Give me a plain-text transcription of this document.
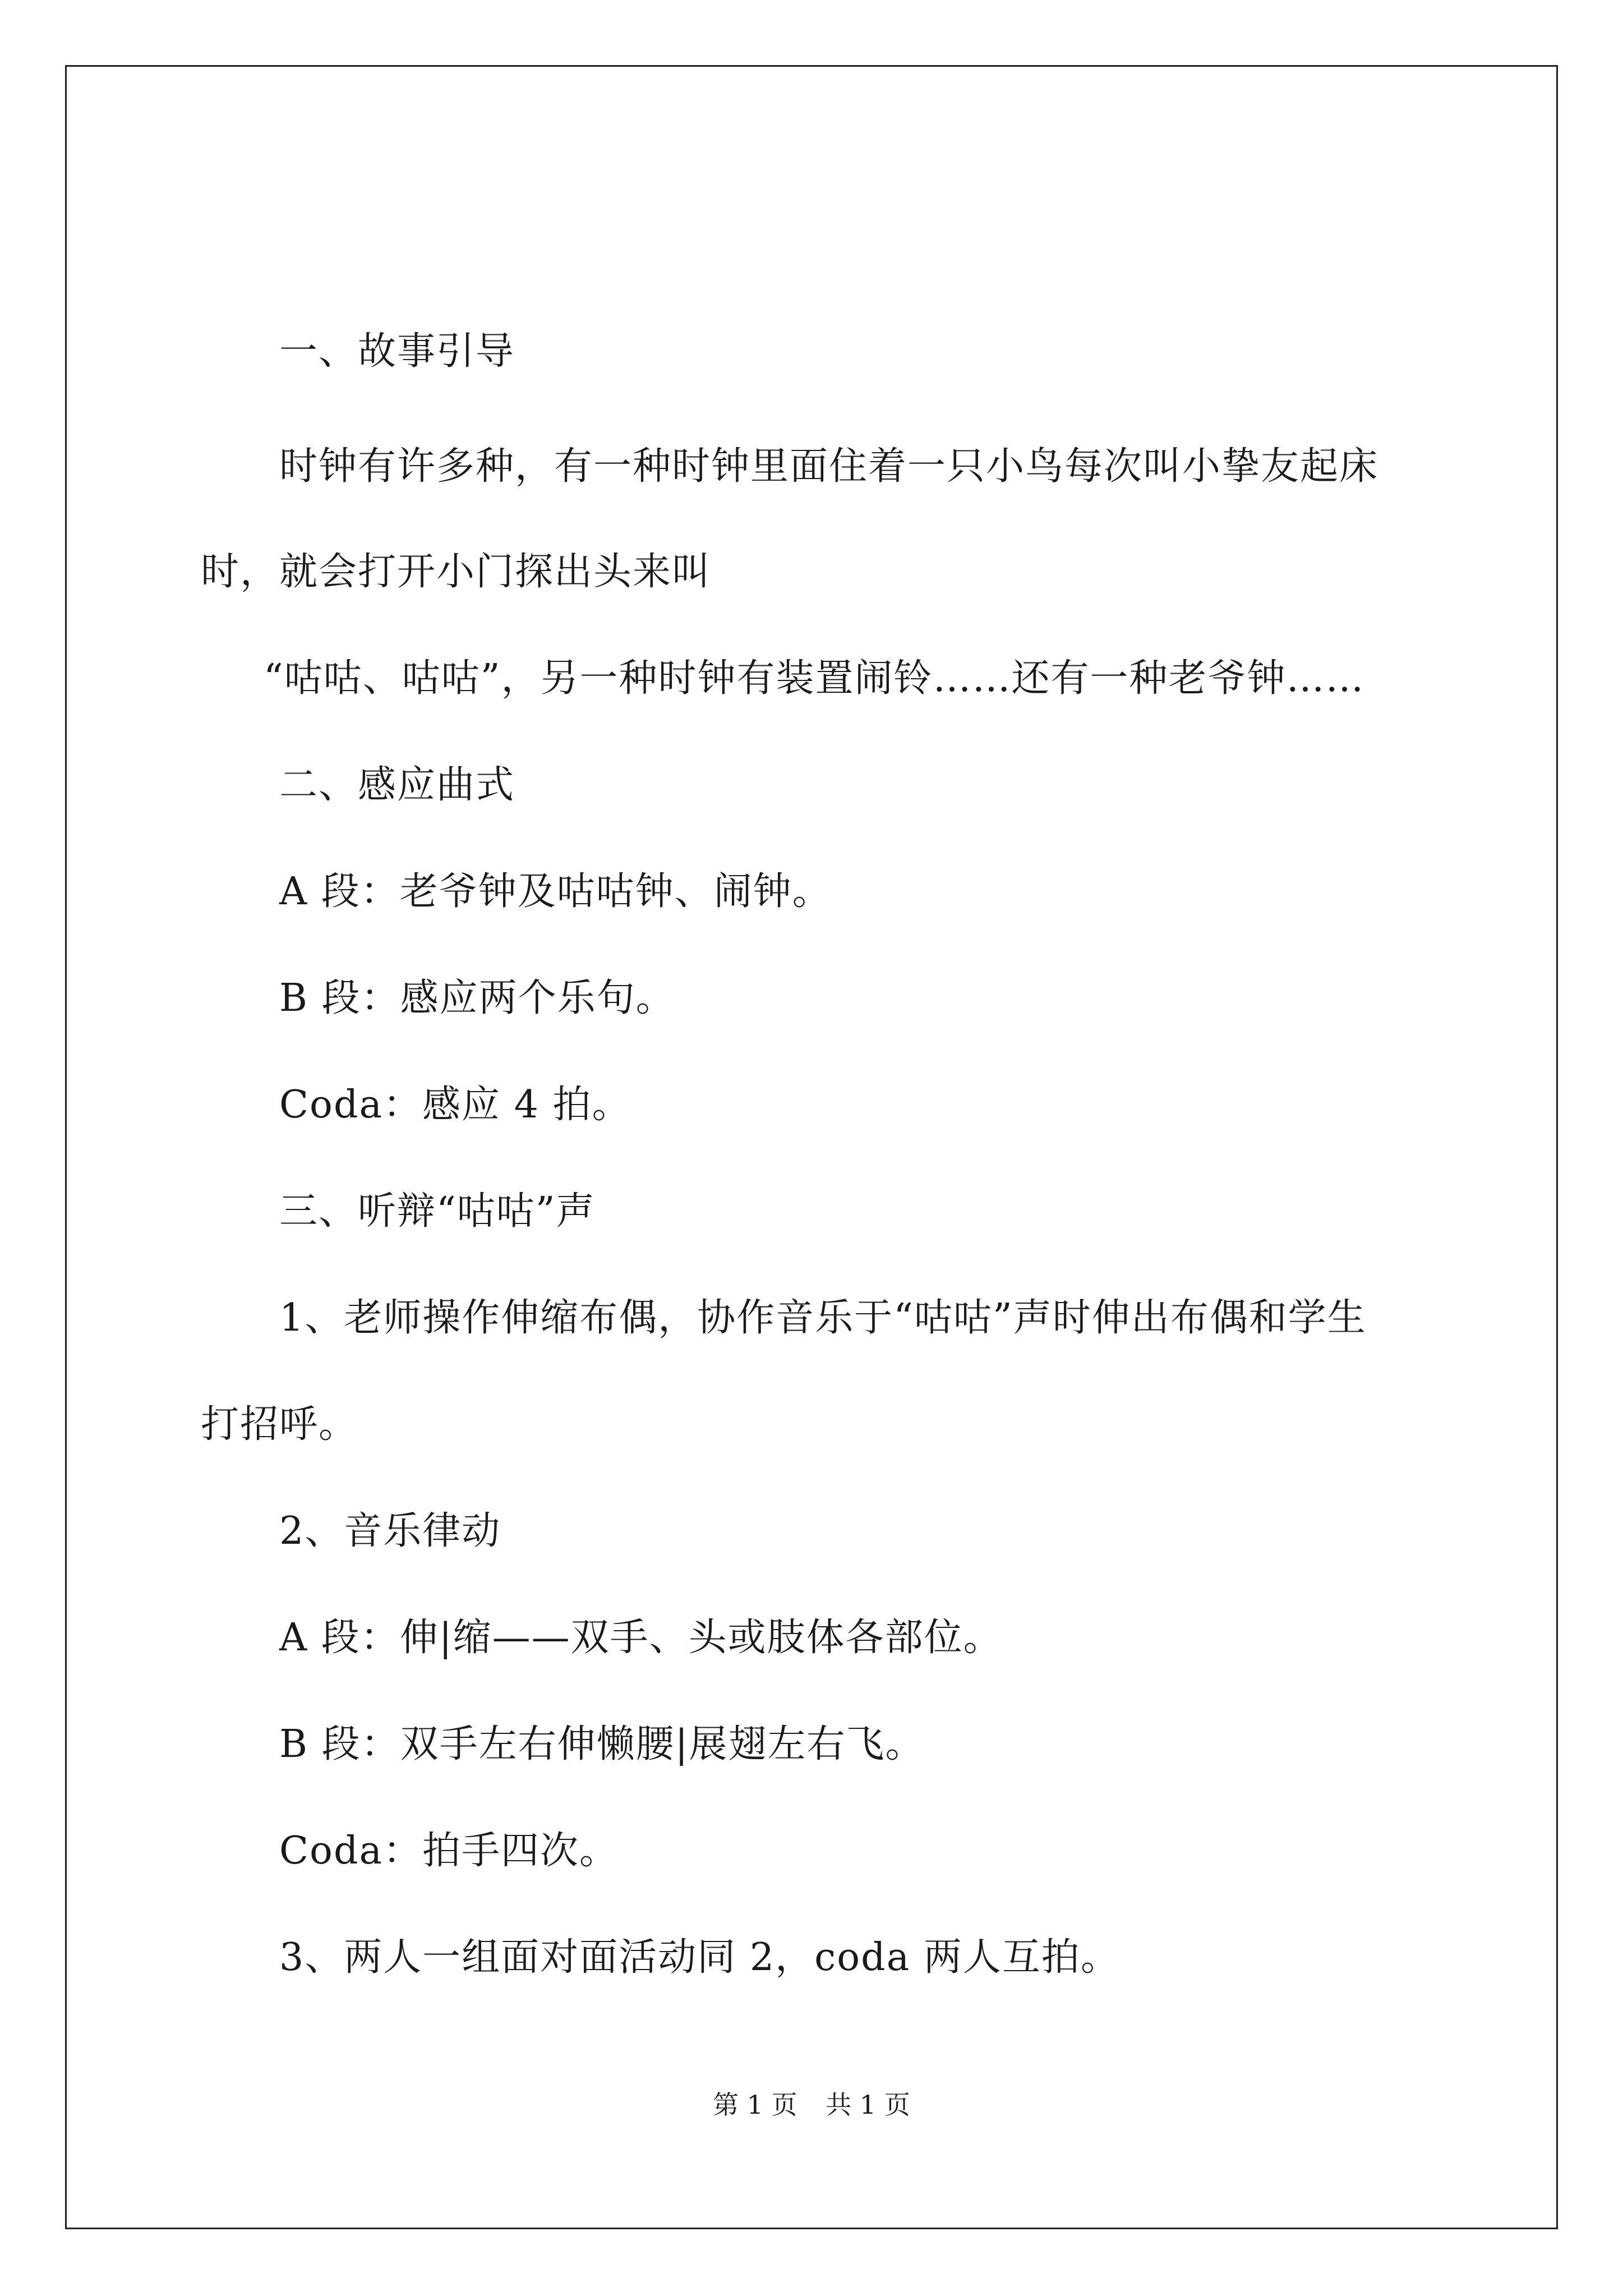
一、故事引导
时钟有许多种，有一种时钟里面住着一只小鸟每次叫小挚友起床
时，就会打开小门探出头来叫
“咕咕、咕咕”，另一种时钟有装置闹铃……还有一种老爷钟……
二、感应曲式
A 段：老爷钟及咕咕钟、闹钟。
B 段：感应两个乐句。
Coda：感应 4 拍。
三、听辩“咕咕”声
1、老师操作伸缩布偶，协作音乐于“咕咕”声时伸出布偶和学生
打招呼。
2、音乐律动
A 段：伸|缩——双手、头或肢体各部位。
B 段：双手左右伸懒腰|展翅左右飞。
Coda：拍手四次。
3、两人一组面对面活动同 2，coda 两人互拍。
第 1 页 共 1 页
